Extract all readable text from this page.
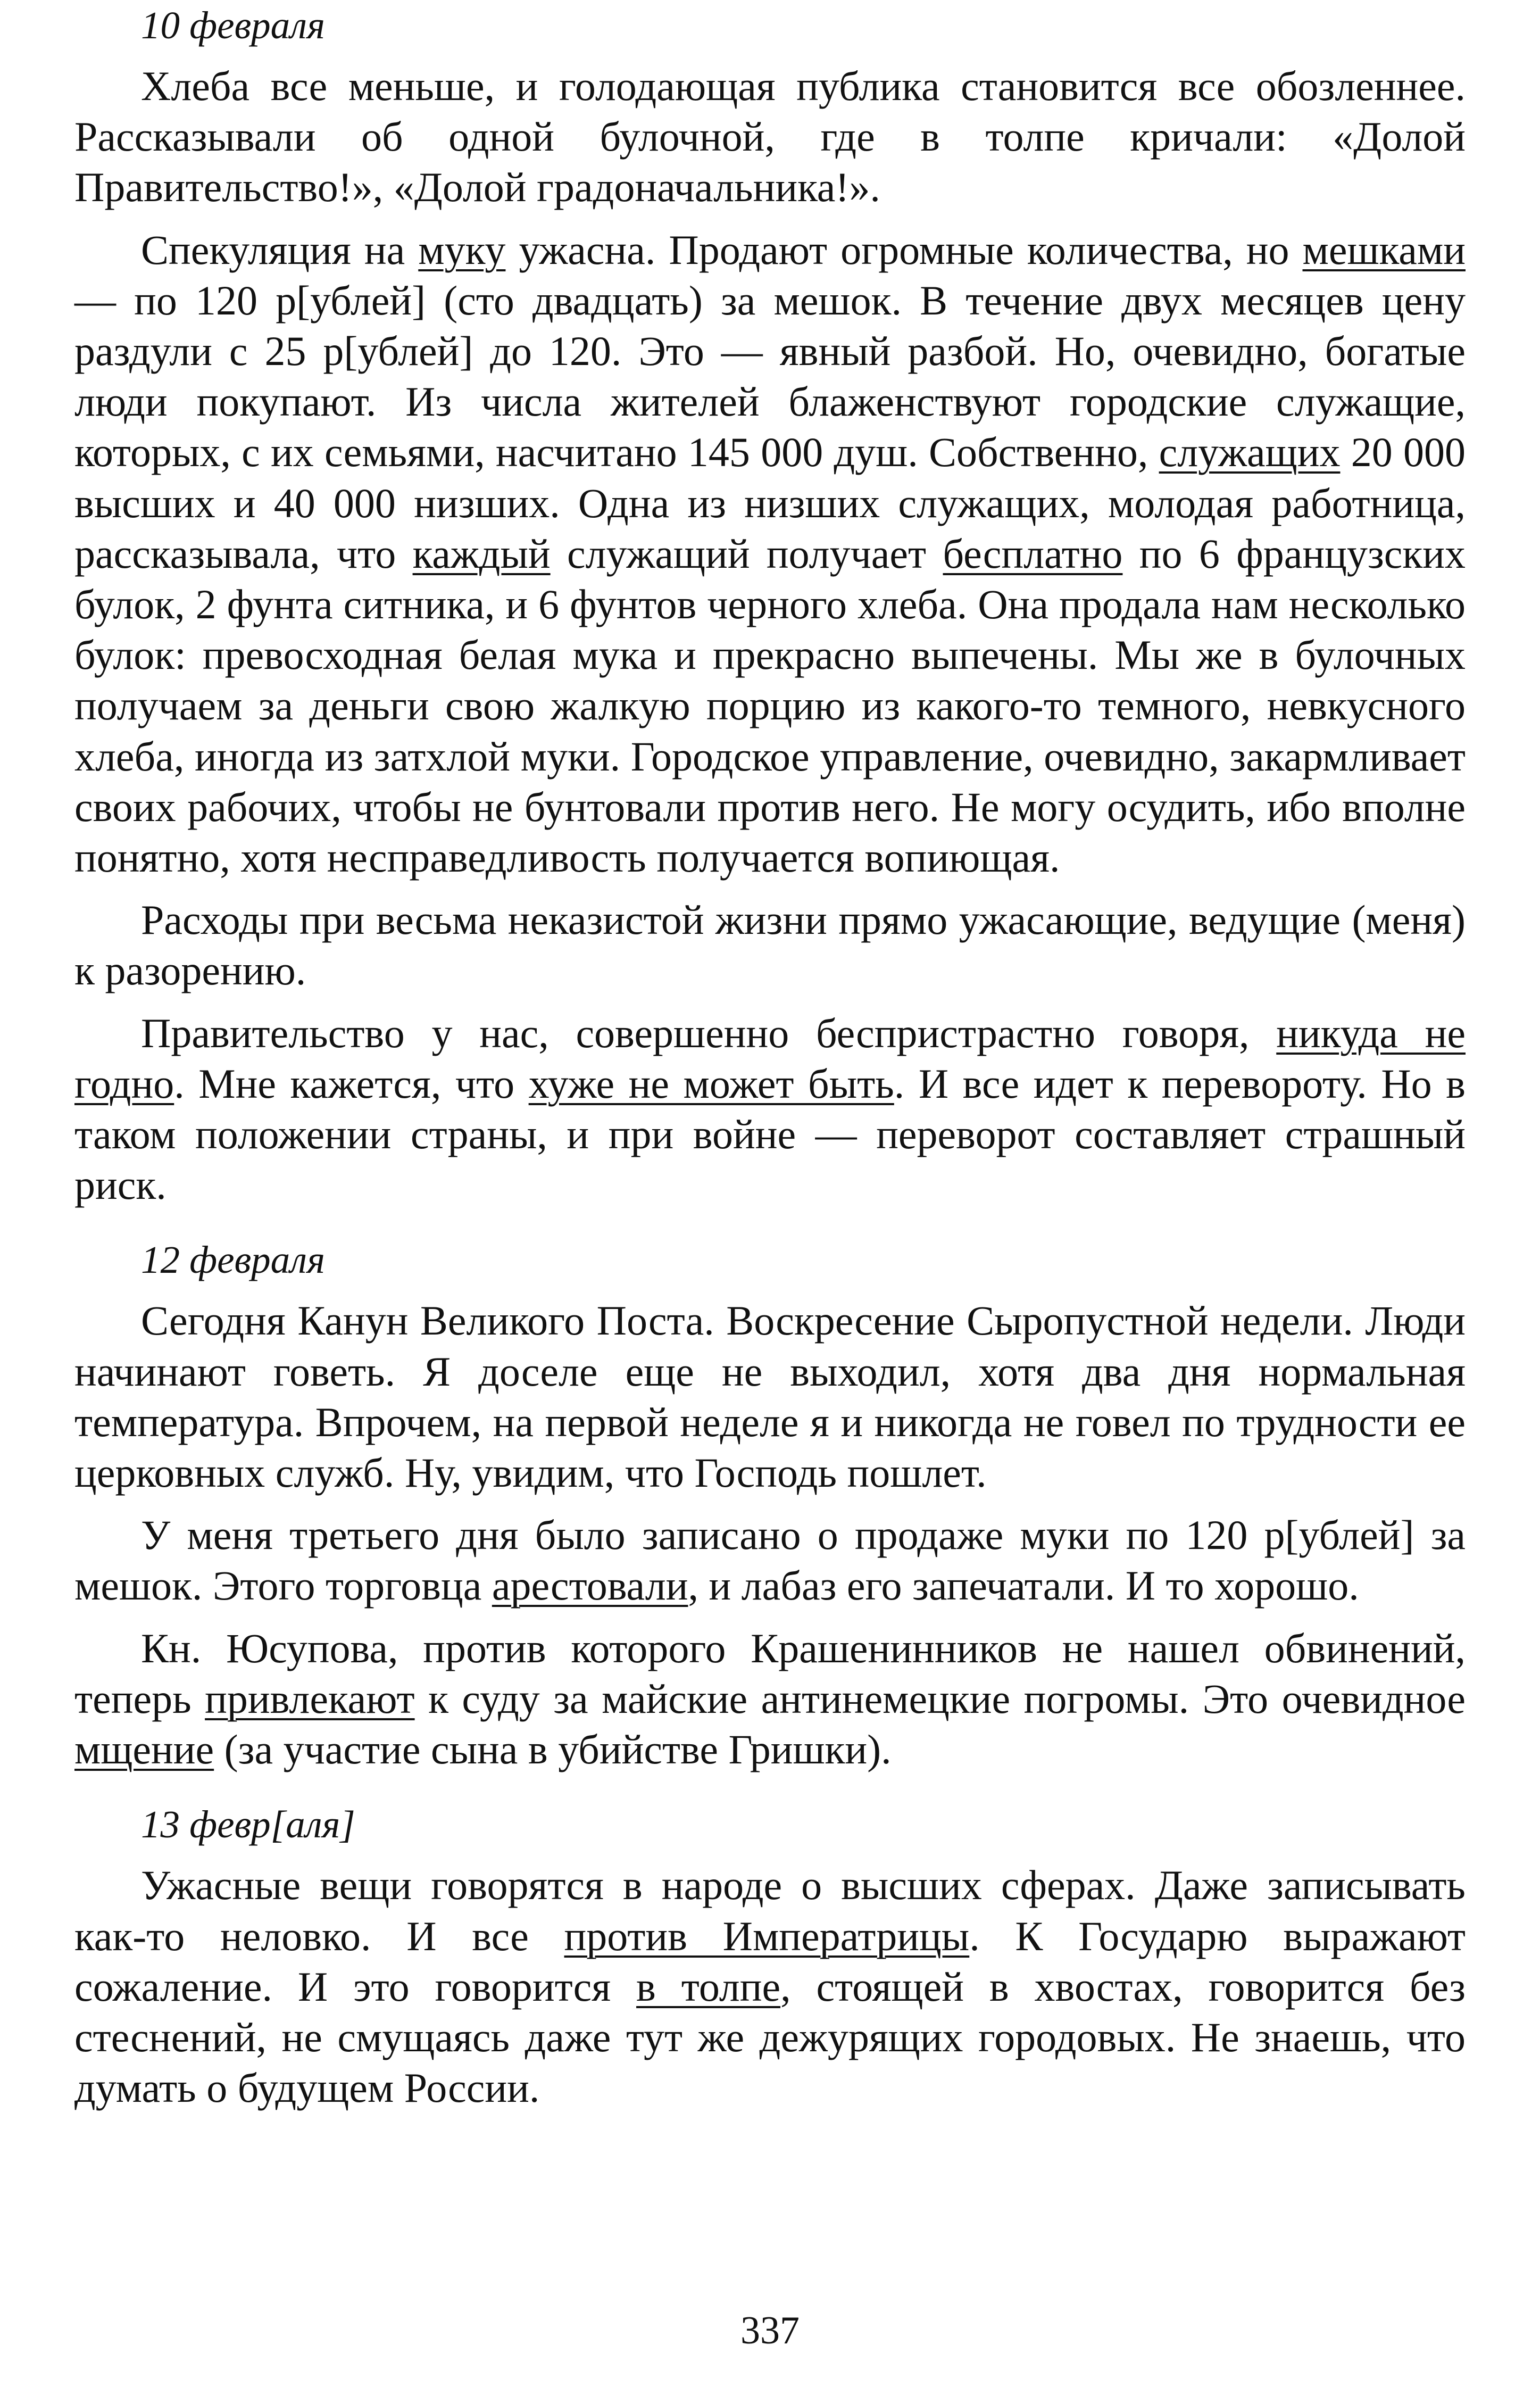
10 февраля

Хлеба все меньше, и голодающая публика становится все обозленнее. Рассказывали об одной булочной, где в толпе кричали: «Долой Правительство!», «Долой градоначальника!».

Спекуляция на муку ужасна. Продают огромные количества, но мешками — по 120 р[ублей] (сто двадцать) за мешок. В течение двух месяцев цену раздули с 25 р[ублей] до 120. Это — явный разбой. Но, очевидно, богатые люди покупают. Из числа жителей блаженствуют городские служащие, которых, с их семьями, насчитано 145 000 душ. Собственно, служащих 20 000 высших и 40 000 низших. Одна из низших служащих, молодая работница, рассказывала, что каждый служащий получает бесплатно по 6 французских булок, 2 фунта ситника, и 6 фунтов черного хлеба. Она продала нам несколько булок: превосходная белая мука и прекрасно выпечены. Мы же в булочных получаем за деньги свою жалкую порцию из какого-то темного, невкусного хлеба, иногда из затхлой муки. Городское управление, очевидно, закармливает своих рабочих, чтобы не бунтовали против него. Не могу осудить, ибо вполне понятно, хотя несправедливость получается вопиющая.

Расходы при весьма неказистой жизни прямо ужасающие, ведущие (меня) к разорению.

Правительство у нас, совершенно беспристрастно говоря, никуда не годно. Мне кажется, что хуже не может быть. И все идет к перевороту. Но в таком положении страны, и при войне — переворот составляет страшный риск.

12 февраля

Сегодня Канун Великого Поста. Воскресение Сыропустной недели. Люди начинают говеть. Я доселе еще не выходил, хотя два дня нормальная температура. Впрочем, на первой неделе я и никогда не говел по трудности ее церковных служб. Ну, увидим, что Господь пошлет.

У меня третьего дня было записано о продаже муки по 120 р[ублей] за мешок. Этого торговца арестовали, и лабаз его запечатали. И то хорошо.

Кн. Юсупова, против которого Крашенинников не нашел обвинений, теперь привлекают к суду за майские антинемецкие погромы. Это очевидное мщение (за участие сына в убийстве Гришки).

13 февр[аля]

Ужасные вещи говорятся в народе о высших сферах. Даже записывать как-то неловко. И все против Императрицы. К Государю выражают сожаление. И это говорится в толпе, стоящей в хвостах, говорится без стеснений, не смущаясь даже тут же дежурящих городовых. Не знаешь, что думать о будущем России.

337
